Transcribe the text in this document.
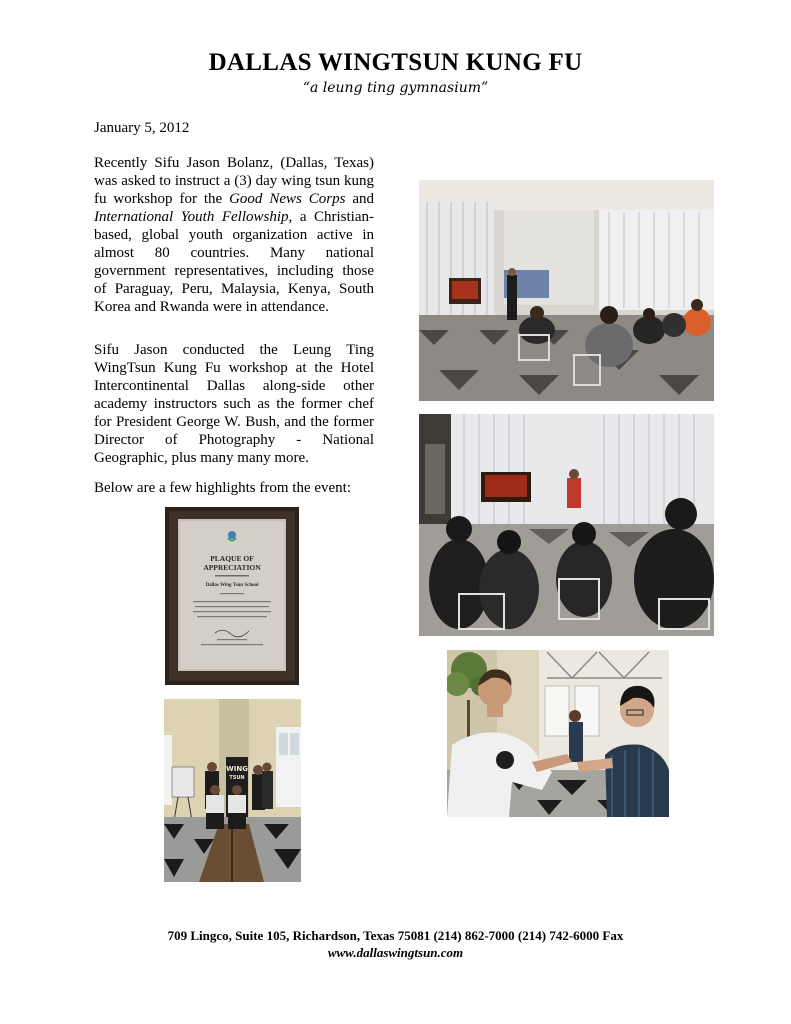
DALLAS WINGTSUN KUNG FU
“a leung ting gymnasium”
January 5, 2012

Recently Sifu Jason Bolanz, (Dallas, Texas) was asked to instruct a (3) day wing tsun kung fu workshop for the Good News Corps and International Youth Fellowship, a Christian-based, global youth organization active in almost 80 countries. Many national government representatives, including those of Paraguay, Peru, Malaysia, Kenya, South Korea and Rwanda were in attendance.

Sifu Jason conducted the Leung Ting WingTsun Kung Fu workshop at the Hotel Intercontinental Dallas along-side other academy instructors such as the former chef for President George W. Bush, and the former Director of Photography - National Geographic, plus many many more.

Below are a few highlights from the event:

PLAQUE OF
APPRECIATION
Dallas Wing Tsun School
WING
TSUN
709 Lingco, Suite 105, Richardson, Texas 75081 (214) 862-7000 (214) 742-6000 Fax
www.dallaswingtsun.com
